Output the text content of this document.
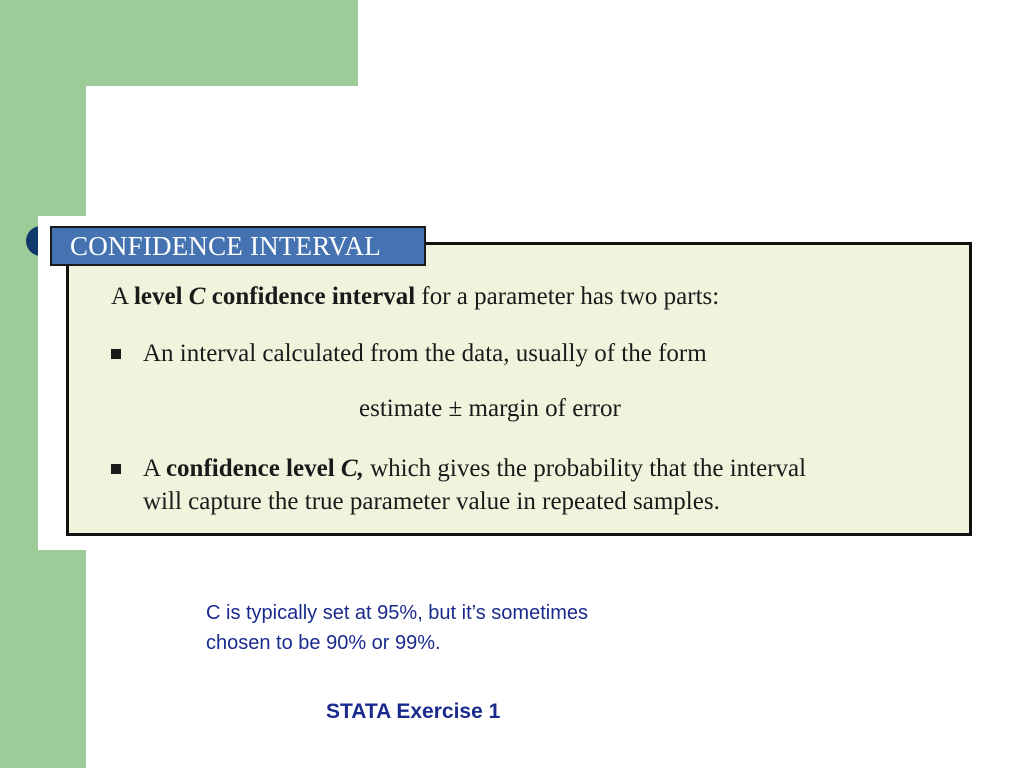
A level C confidence interval for a parameter has two parts:
An interval calculated from the data, usually of the form
estimate ± margin of error
A confidence level C, which gives the probability that the interval
will capture the true parameter value in repeated samples.
CONFIDENCE INTERVAL
C is typically set at 95%, but it’s sometimes
chosen to be 90% or 99%.
STATA Exercise 1
